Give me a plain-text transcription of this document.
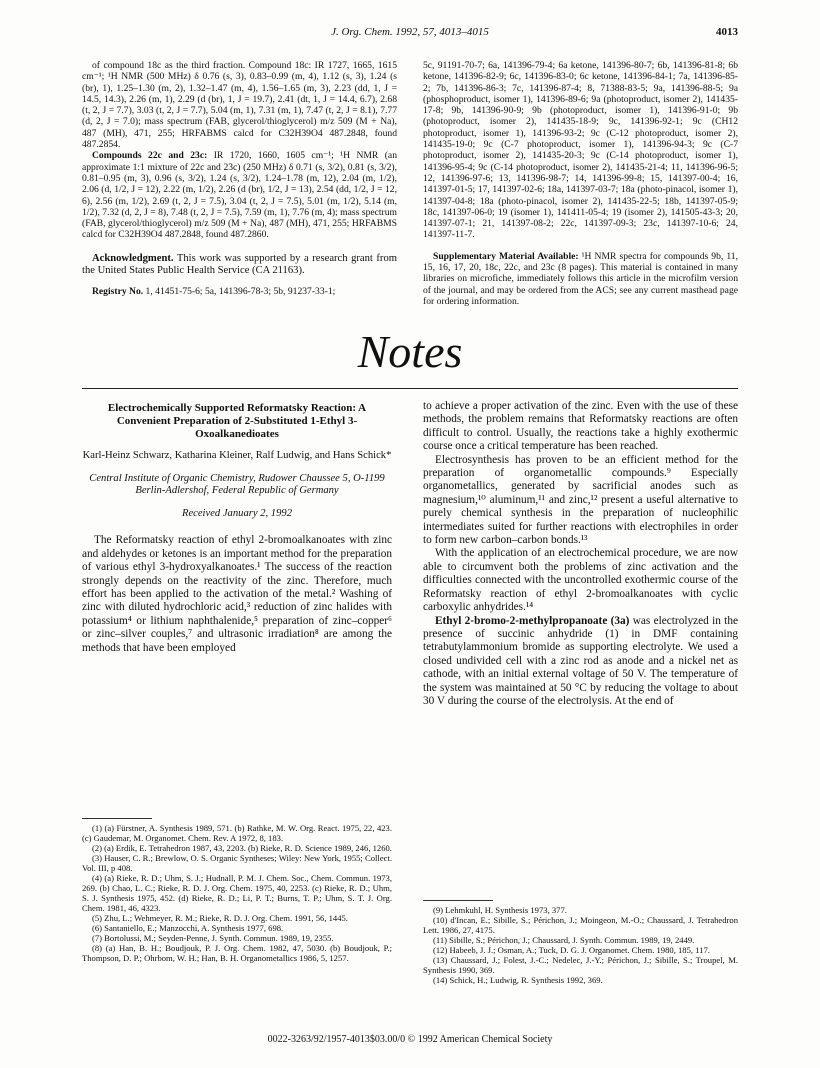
J. Org. Chem. 1992, 57, 4013–4015	4013

of compound 18c as the third fraction. Compound 18c: IR 1727, 1665, 1615 cm⁻¹; ¹H NMR (500 MHz) δ 0.76 (s, 3), 0.83–0.99 (m, 4), 1.12 (s, 3), 1.24 (s (br), 1), 1.25–1.30 (m, 2), 1.32–1.47 (m, 4), 1.56–1.65 (m, 3), 2.23 (dd, 1, J = 14.5, 14.3), 2.26 (m, 1), 2.29 (d (br), 1, J = 19.7), 2.41 (dt, 1, J = 14.4, 6.7), 2.68 (t, 2, J = 7.7), 3.03 (t, 2, J = 7.7), 5.04 (m, 1), 7.31 (m, 1), 7.47 (t, 2, J = 8.1), 7.77 (d, 2, J = 7.0); mass spectrum (FAB, glycerol/thioglycerol) m/z 509 (M + Na), 487 (MH), 471, 255; HRFABMS calcd for C32H39O4 487.2848, found 487.2854.

Compounds 22c and 23c: IR 1720, 1660, 1605 cm⁻¹; ¹H NMR (an approximate 1:1 mixture of 22c and 23c) (250 MHz) δ 0.71 (s, 3/2), 0.81 (s, 3/2), 0.81–0.95 (m, 3), 0.96 (s, 3/2), 1.24 (s, 3/2), 1.24–1.78 (m, 12), 2.04 (m, 1/2), 2.06 (d, 1/2, J = 12), 2.22 (m, 1/2), 2.26 (d (br), 1/2, J = 13), 2.54 (dd, 1/2, J = 12, 6), 2.56 (m, 1/2), 2.69 (t, 2, J = 7.5), 3.04 (t, 2, J = 7.5), 5.01 (m, 1/2), 5.14 (m, 1/2), 7.32 (d, 2, J = 8), 7.48 (t, 2, J = 7.5), 7.59 (m, 1), 7.76 (m, 4); mass spectrum (FAB, glycerol/thioglycerol) m/z 509 (M + Na), 487 (MH), 471, 255; HRFABMS calcd for C32H39O4 487.2848, found 487.2860.

Acknowledgment. This work was supported by a research grant from the United States Public Health Service (CA 21163).

Registry No. 1, 41451-75-6; 5a, 141396-78-3; 5b, 91237-33-1;

5c, 91191-70-7; 6a, 141396-79-4; 6a ketone, 141396-80-7; 6b, 141396-81-8; 6b ketone, 141396-82-9; 6c, 141396-83-0; 6c ketone, 141396-84-1; 7a, 141396-85-2; 7b, 141396-86-3; 7c, 141396-87-4; 8, 71388-83-5; 9a, 141396-88-5; 9a (phosphoproduct, isomer 1), 141396-89-6; 9a (photoproduct, isomer 2), 141435-17-8; 9b, 141396-90-9; 9b (photoproduct, isomer 1), 141396-91-0; 9b (photoproduct, isomer 2), 141435-18-9; 9c, 141396-92-1; 9c (CH12 photoproduct, isomer 1), 141396-93-2; 9c (C-12 photoproduct, isomer 2), 141435-19-0; 9c (C-7 photoproduct, isomer 1), 141396-94-3; 9c (C-7 photoproduct, isomer 2), 141435-20-3; 9c (C-14 photoproduct, isomer 1), 141396-95-4; 9c (C-14 photoproduct, isomer 2), 141435-21-4; 11, 141396-96-5; 12, 141396-97-6; 13, 141396-98-7; 14, 141396-99-8; 15, 141397-00-4; 16, 141397-01-5; 17, 141397-02-6; 18a, 141397-03-7; 18a (photo-pinacol, isomer 1), 141397-04-8; 18a (photo-pinacol, isomer 2), 141435-22-5; 18b, 141397-05-9; 18c, 141397-06-0; 19 (isomer 1), 141411-05-4; 19 (isomer 2), 141505-43-3; 20, 141397-07-1; 21, 141397-08-2; 22c, 141397-09-3; 23c, 141397-10-6; 24, 141397-11-7.

Supplementary Material Available: ¹H NMR spectra for compounds 9b, 11, 15, 16, 17, 20, 18c, 22c, and 23c (8 pages). This material is contained in many libraries on microfiche, immediately follows this article in the microfilm version of the journal, and may be ordered from the ACS; see any current masthead page for ordering information.

Notes
Electrochemically Supported Reformatsky Reaction: A Convenient Preparation of 2-Substituted 1-Ethyl 3-Oxoalkanedioates
Karl-Heinz Schwarz, Katharina Kleiner, Ralf Ludwig, and Hans Schick*
Central Institute of Organic Chemistry, Rudower Chaussee 5, O-1199 Berlin-Adlershof, Federal Republic of Germany
Received January 2, 1992

The Reformatsky reaction of ethyl 2-bromoalkanoates with zinc and aldehydes or ketones is an important method for the preparation of various ethyl 3-hydroxyalkanoates.¹ The success of the reaction strongly depends on the reactivity of the zinc. Therefore, much effort has been applied to the activation of the metal.² Washing of zinc with diluted hydrochloric acid,³ reduction of zinc halides with potassium⁴ or lithium naphthalenide,⁵ preparation of zinc–copper⁶ or zinc–silver couples,⁷ and ultrasonic irradiation⁸ are among the methods that have been employed

(1) (a) Fürstner, A. Synthesis 1989, 571. (b) Rathke, M. W. Org. React. 1975, 22, 423. (c) Gaudemar, M. Organomet. Chem. Rev. A 1972, 8, 183.

(2) (a) Erdik, E. Tetrahedron 1987, 43, 2203. (b) Rieke, R. D. Science 1989, 246, 1260.

(3) Hauser, C. R.; Brewlow, O. S. Organic Syntheses; Wiley: New York, 1955; Collect. Vol. III, p 408.

(4) (a) Rieke, R. D.; Uhm, S. J.; Hudnall, P. M. J. Chem. Soc., Chem. Commun. 1973, 269. (b) Chao, L. C.; Rieke, R. D. J. Org. Chem. 1975, 40, 2253. (c) Rieke, R. D.; Uhm, S. J. Synthesis 1975, 452. (d) Rieke, R. D.; Li, P. T.; Burns, T. P.; Uhm, S. T. J. Org. Chem. 1981, 46, 4323.

(5) Zhu, L.; Wehmeyer, R. M.; Rieke, R. D. J. Org. Chem. 1991, 56, 1445.

(6) Santaniello, E.; Manzocchi, A. Synthesis 1977, 698.

(7) Bortolussi, M.; Seyden-Penne, J. Synth. Commun. 1989, 19, 2355.

(8) (a) Han, B. H.; Boudjouk, P. J. Org. Chem. 1982, 47, 5030. (b) Boudjouk, P.; Thompson, D. P.; Ohrbom, W. H.; Han, B. H. Organometallics 1986, 5, 1257.

to achieve a proper activation of the zinc. Even with the use of these methods, the problem remains that Reformatsky reactions are often difficult to control. Usually, the reactions take a highly exothermic course once a critical temperature has been reached.

Electrosynthesis has proven to be an efficient method for the preparation of organometallic compounds.⁹ Especially organometallics, generated by sacrificial anodes such as magnesium,¹⁰ aluminum,¹¹ and zinc,¹² present a useful alternative to purely chemical synthesis in the preparation of nucleophilic intermediates suited for further reactions with electrophiles in order to form new carbon–carbon bonds.¹³

With the application of an electrochemical procedure, we are now able to circumvent both the problems of zinc activation and the difficulties connected with the uncontrolled exothermic course of the Reformatsky reaction of ethyl 2-bromoalkanoates with cyclic carboxylic anhydrides.¹⁴

Ethyl 2-bromo-2-methylpropanoate (3a) was electrolyzed in the presence of succinic anhydride (1) in DMF containing tetrabutylammonium bromide as supporting electrolyte. We used a closed undivided cell with a zinc rod as anode and a nickel net as cathode, with an initial external voltage of 50 V. The temperature of the system was maintained at 50 °C by reducing the voltage to about 30 V during the course of the electrolysis. At the end of

(9) Lehmkuhl, H. Synthesis 1973, 377.

(10) d'Incan, E.; Sibille, S.; Périchon, J.; Moingeon, M.-O.; Chaussard, J. Tetrahedron Lett. 1986, 27, 4175.

(11) Sibille, S.; Périchon, J.; Chaussard, J. Synth. Commun. 1989, 19, 2449.

(12) Habeeb, J. J.; Osman, A.; Tuck, D. G. J. Organomet. Chem. 1980, 185, 117.

(13) Chaussard, J.; Folest, J.-C.; Nedelec, J.-Y.; Périchon, J.; Sibille, S.; Troupel, M. Synthesis 1990, 369.

(14) Schick, H.; Ludwig, R. Synthesis 1992, 369.

0022-3263/92/1957-4013$03.00/0 © 1992 American Chemical Society
